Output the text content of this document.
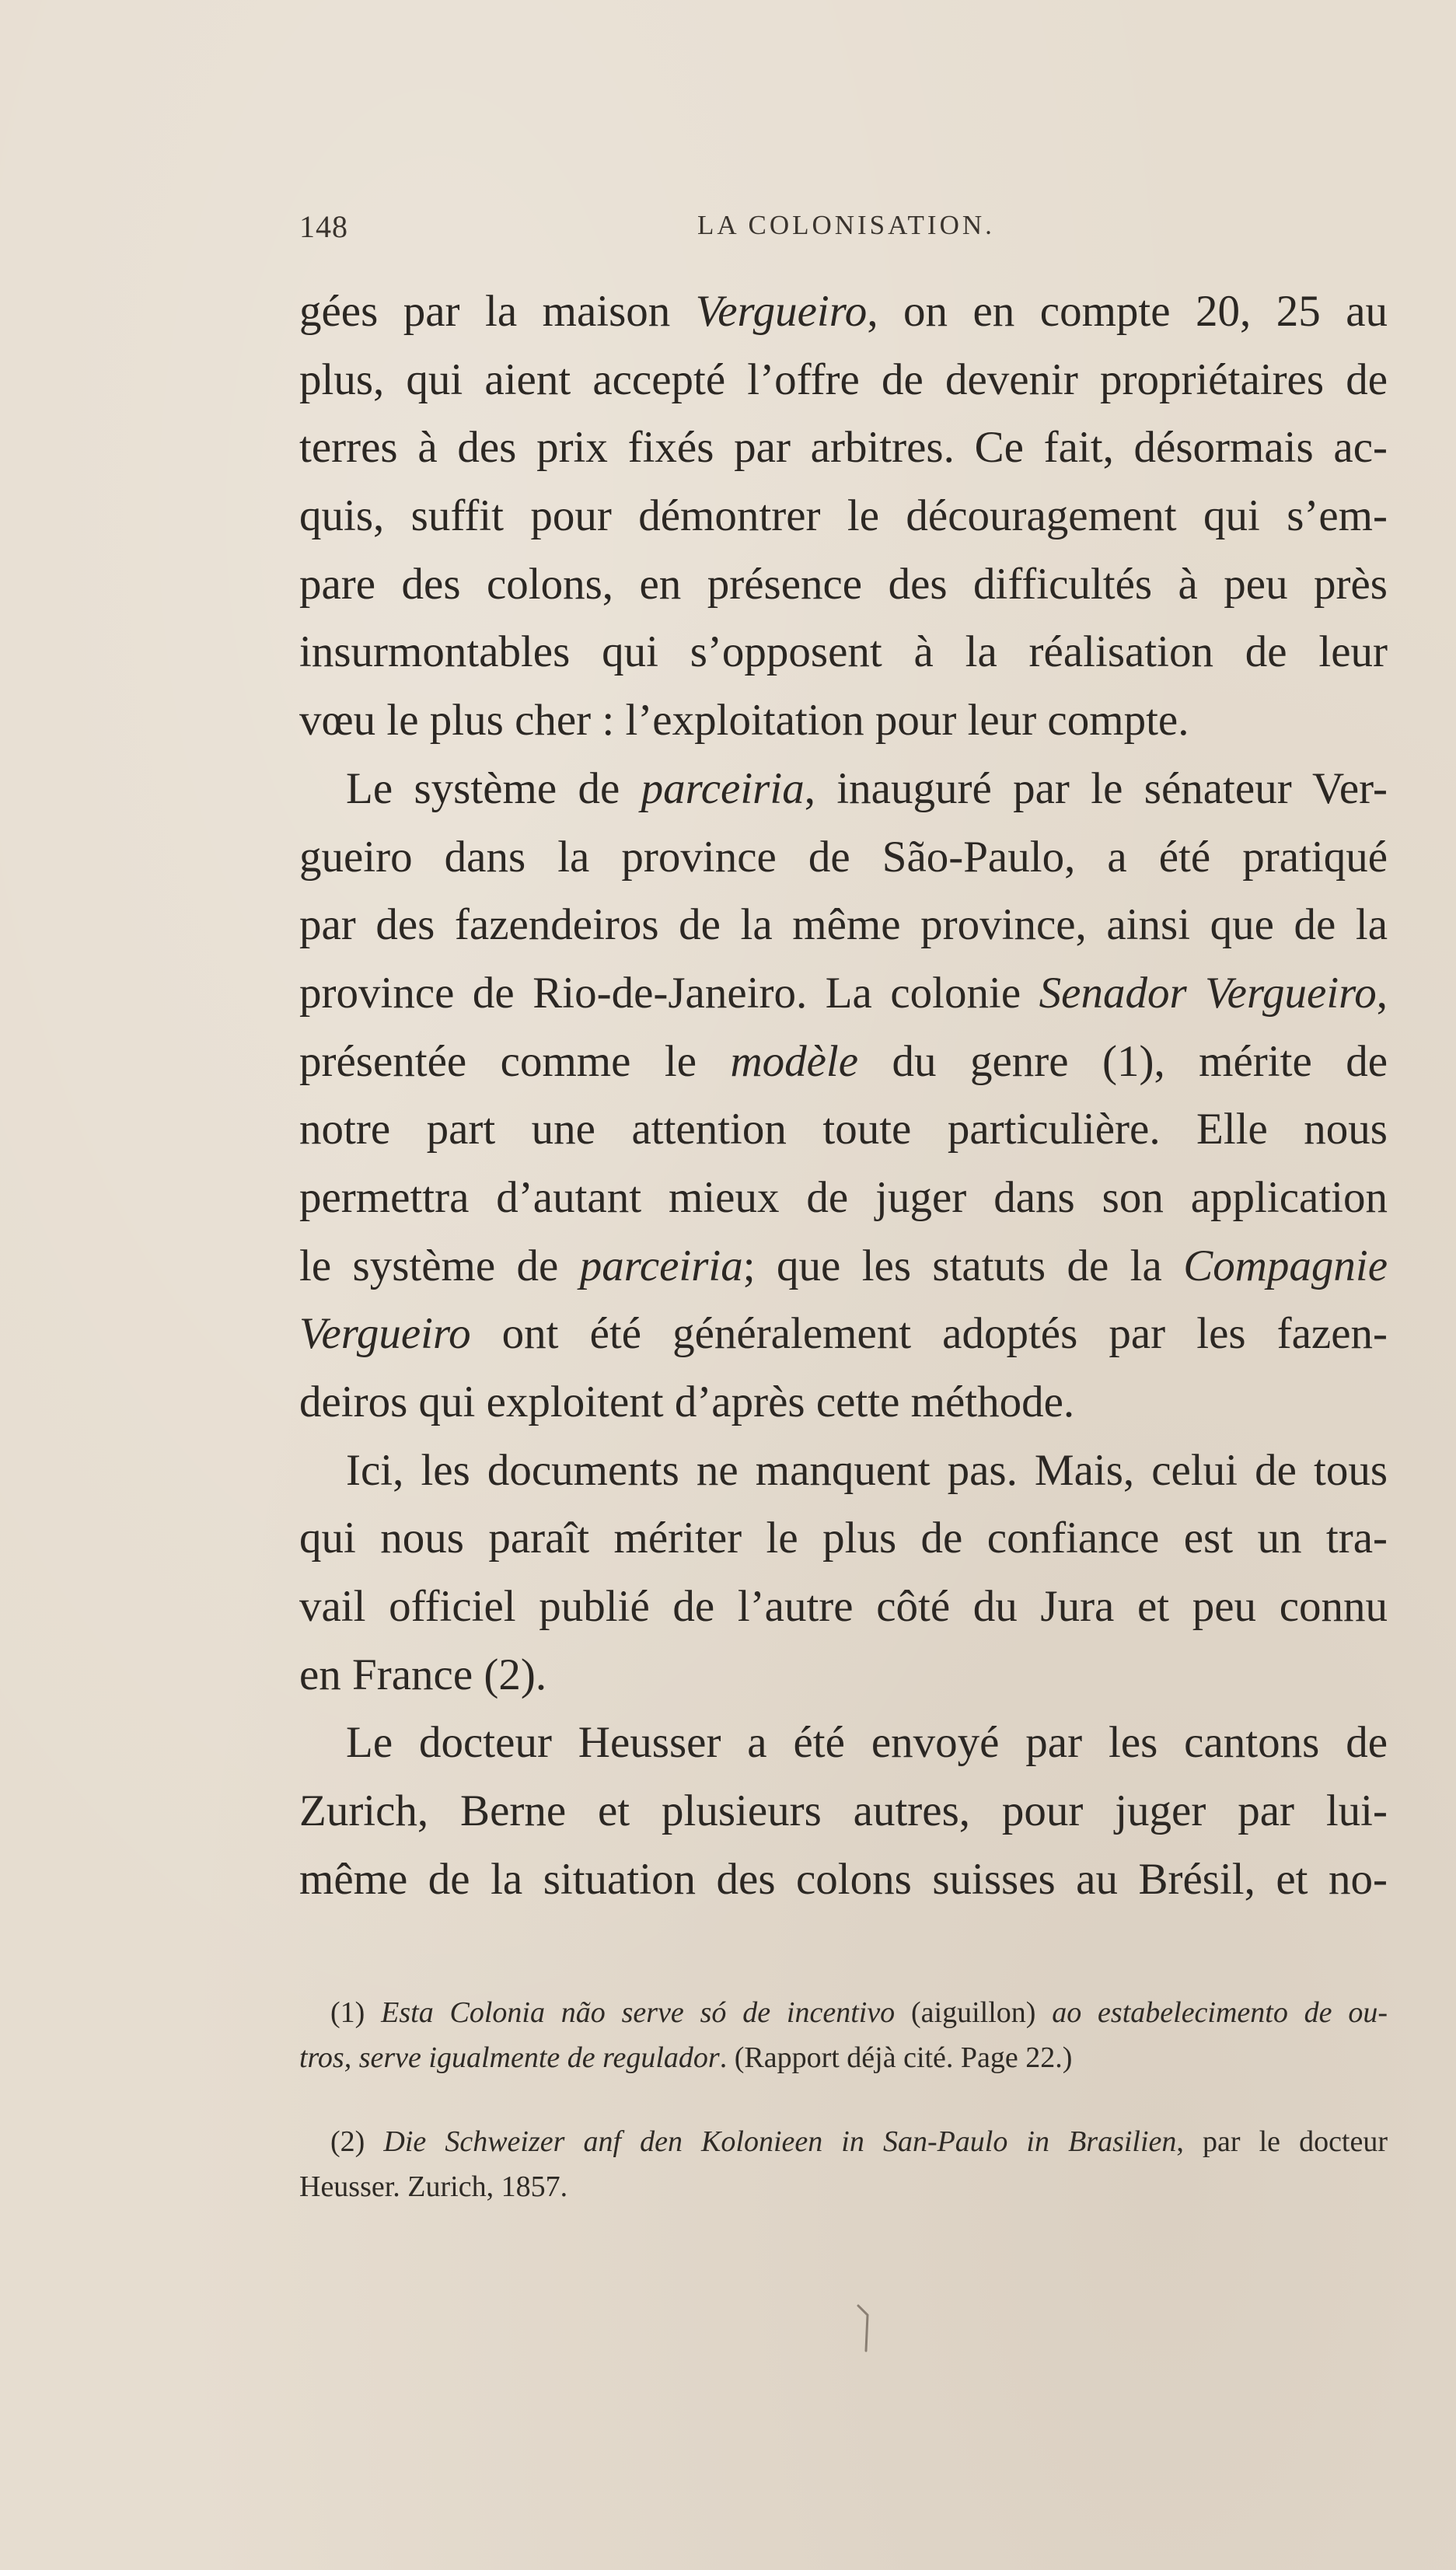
148	LA COLONISATION.
gées par la maison Vergueiro, on en compte 20, 25 au
plus, qui aient accepté l’offre de devenir propriétaires de
terres à des prix fixés par arbitres. Ce fait, désormais ac-
quis, suffit pour démontrer le découragement qui s’em-
pare des colons, en présence des difficultés à peu près
insurmontables qui s’opposent à la réalisation de leur
vœu le plus cher : l’exploitation pour leur compte.
Le système de parceiria, inauguré par le sénateur Ver-
gueiro dans la province de São-Paulo, a été pratiqué
par des fazendeiros de la même province, ainsi que de la
province de Rio-de-Janeiro. La colonie Senador Vergueiro,
présentée comme le modèle du genre (1), mérite de
notre part une attention toute particulière. Elle nous
permettra d’autant mieux de juger dans son application
le système de parceiria; que les statuts de la Compagnie
Vergueiro ont été généralement adoptés par les fazen-
deiros qui exploitent d’après cette méthode.
Ici, les documents ne manquent pas. Mais, celui de tous
qui nous paraît mériter le plus de confiance est un tra-
vail officiel publié de l’autre côté du Jura et peu connu
en France (2).
Le docteur Heusser a été envoyé par les cantons de
Zurich, Berne et plusieurs autres, pour juger par lui-
même de la situation des colons suisses au Brésil, et no-
(1) Esta Colonia não serve só de incentivo (aiguillon) ao estabelecimento de ou-
tros, serve igualmente de regulador. (Rapport déjà cité. Page 22.)
(2) Die Schweizer anf den Kolonieen in San-Paulo in Brasilien, par le docteur
Heusser. Zurich, 1857.
